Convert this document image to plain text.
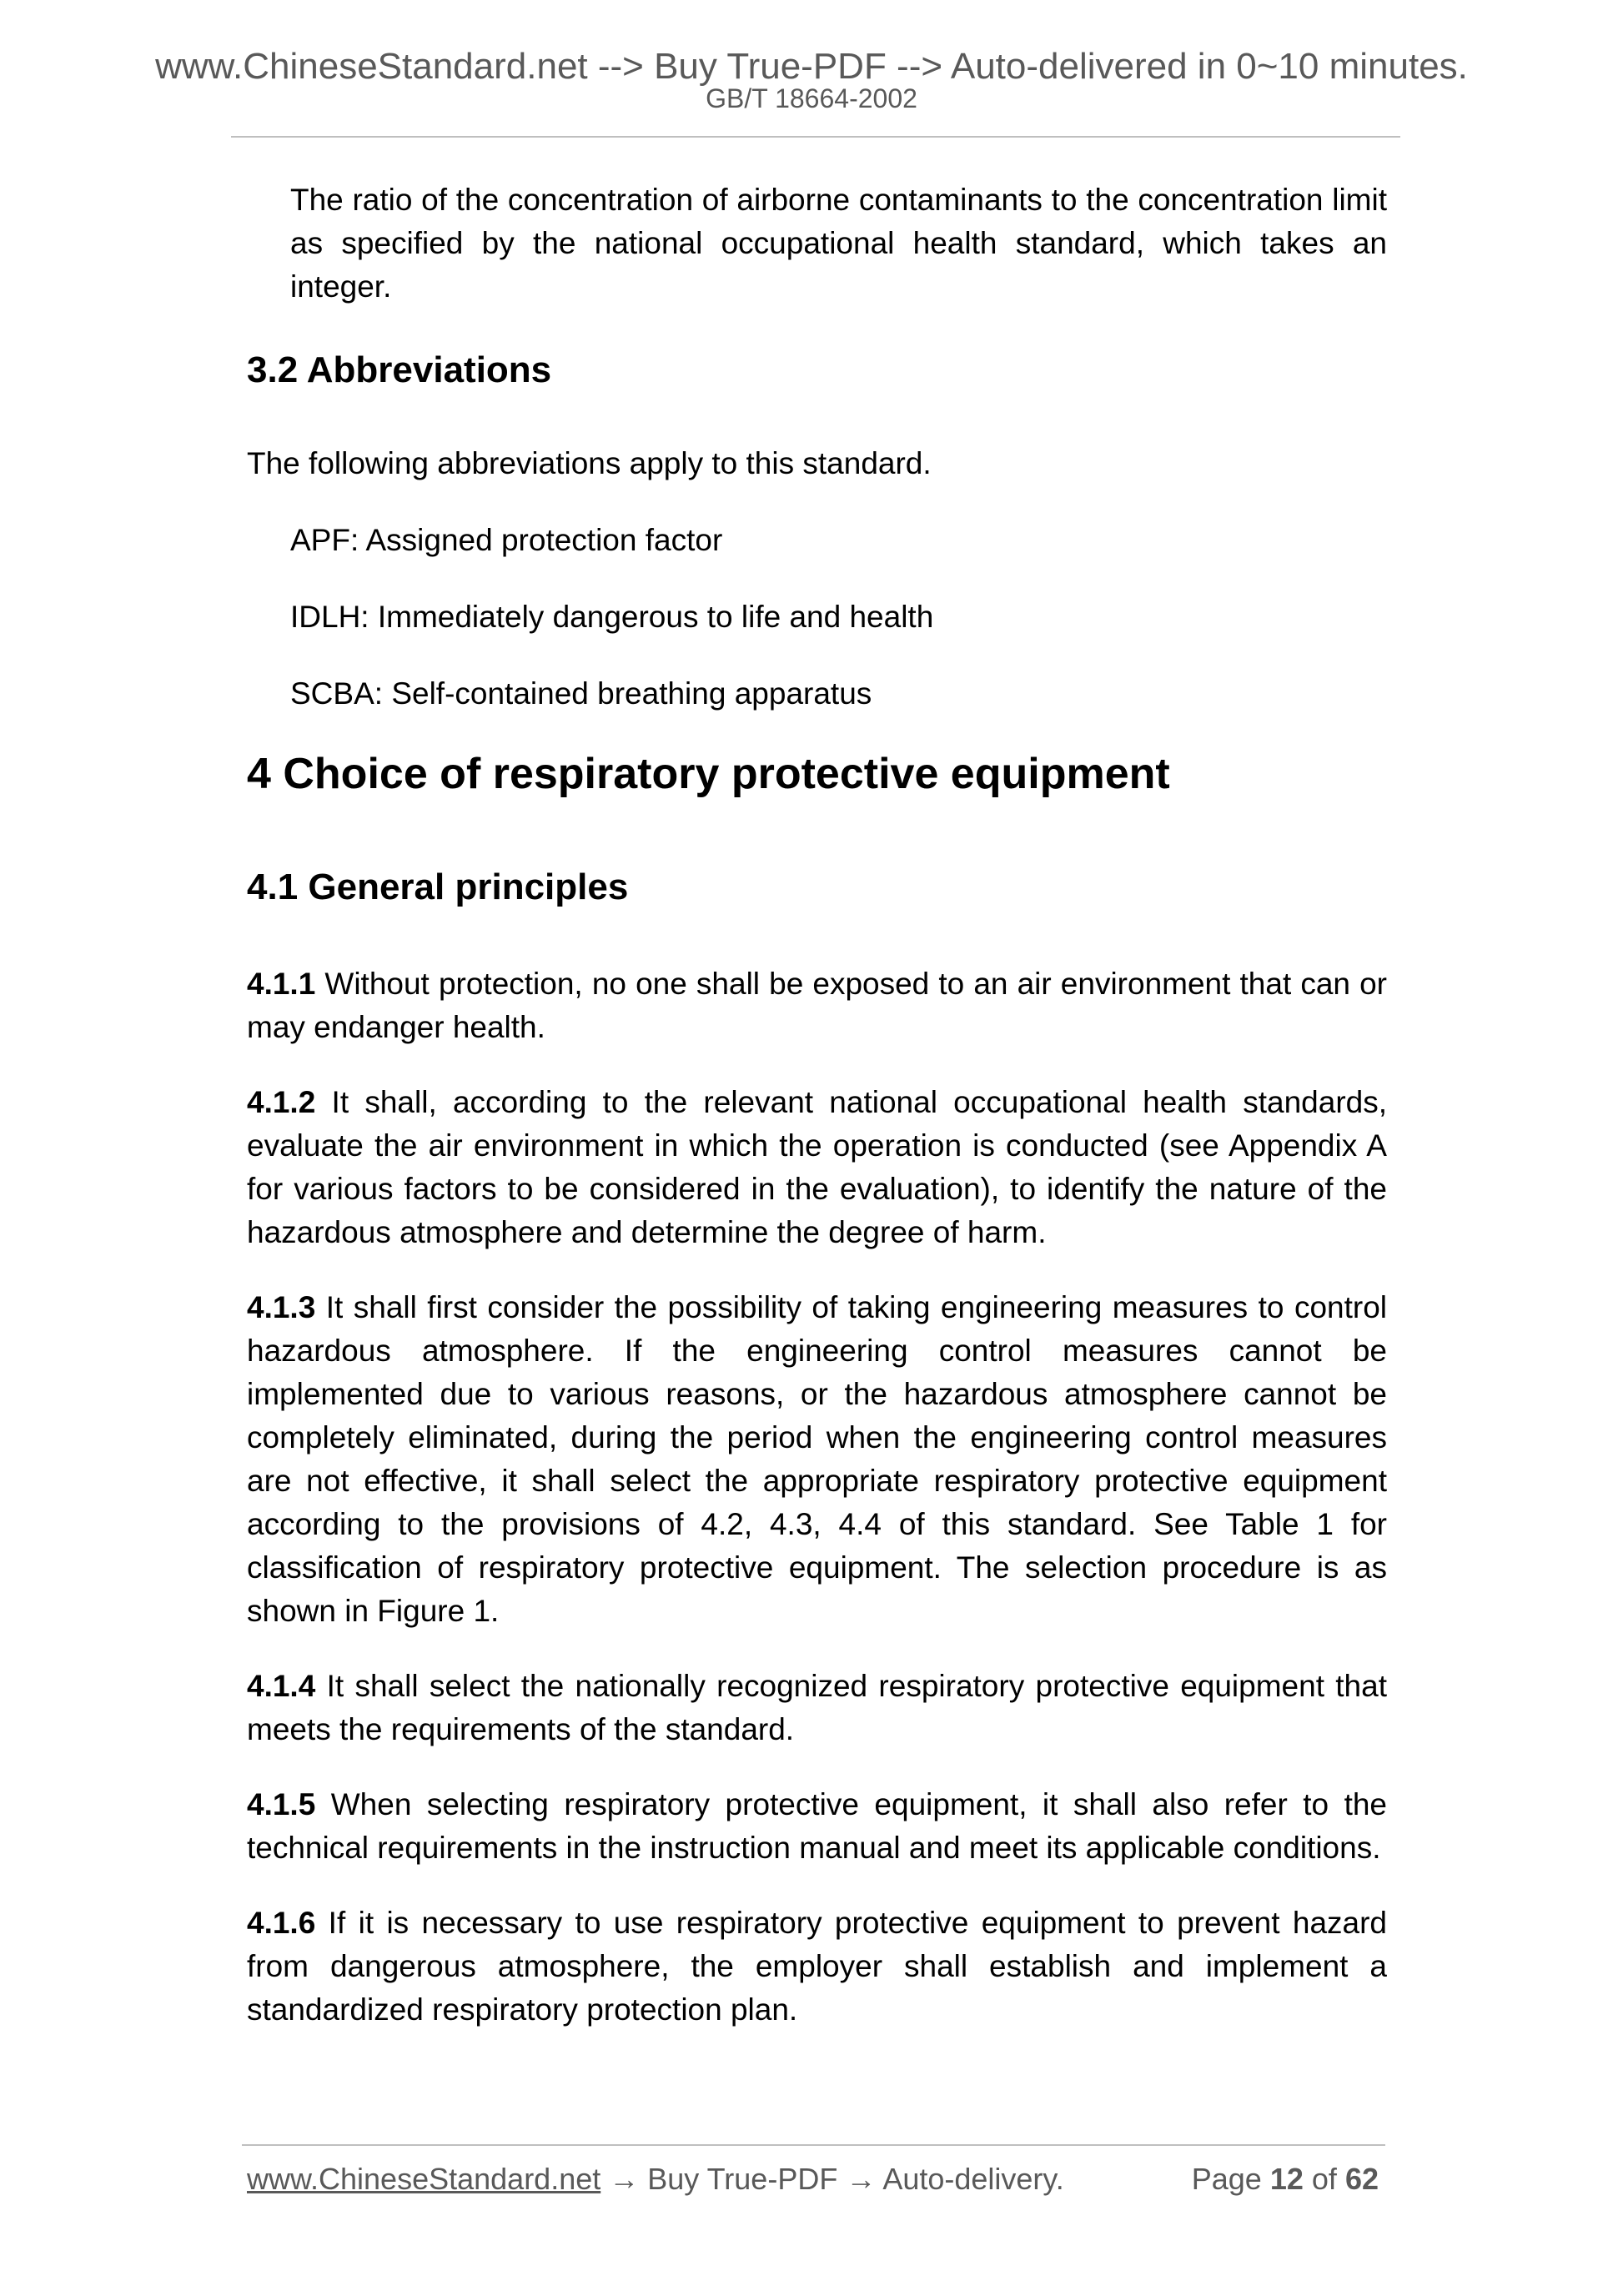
www.ChineseStandard.net --> Buy True-PDF --> Auto-delivered in 0~10 minutes.
GB/T 18664-2002

The ratio of the concentration of airborne contaminants to the concentration limit as specified by the national occupational health standard, which takes an integer.

3.2 Abbreviations

The following abbreviations apply to this standard.

APF: Assigned protection factor

IDLH: Immediately dangerous to life and health

SCBA: Self-contained breathing apparatus

4 Choice of respiratory protective equipment

4.1 General principles

4.1.1 Without protection, no one shall be exposed to an air environment that can or may endanger health.

4.1.2 It shall, according to the relevant national occupational health standards, evaluate the air environment in which the operation is conducted (see Appendix A for various factors to be considered in the evaluation), to identify the nature of the hazardous atmosphere and determine the degree of harm.

4.1.3 It shall first consider the possibility of taking engineering measures to control hazardous atmosphere. If the engineering control measures cannot be implemented due to various reasons, or the hazardous atmosphere cannot be completely eliminated, during the period when the engineering control measures are not effective, it shall select the appropriate respiratory protective equipment according to the provisions of 4.2, 4.3, 4.4 of this standard. See Table 1 for classification of respiratory protective equipment. The selection procedure is as shown in Figure 1.

4.1.4 It shall select the nationally recognized respiratory protective equipment that meets the requirements of the standard.

4.1.5 When selecting respiratory protective equipment, it shall also refer to the technical requirements in the instruction manual and meet its applicable conditions.

4.1.6 If it is necessary to use respiratory protective equipment to prevent hazard from dangerous atmosphere, the employer shall establish and implement a standardized respiratory protection plan.

www.ChineseStandard.net → Buy True-PDF → Auto-delivery.	Page 12 of 62
